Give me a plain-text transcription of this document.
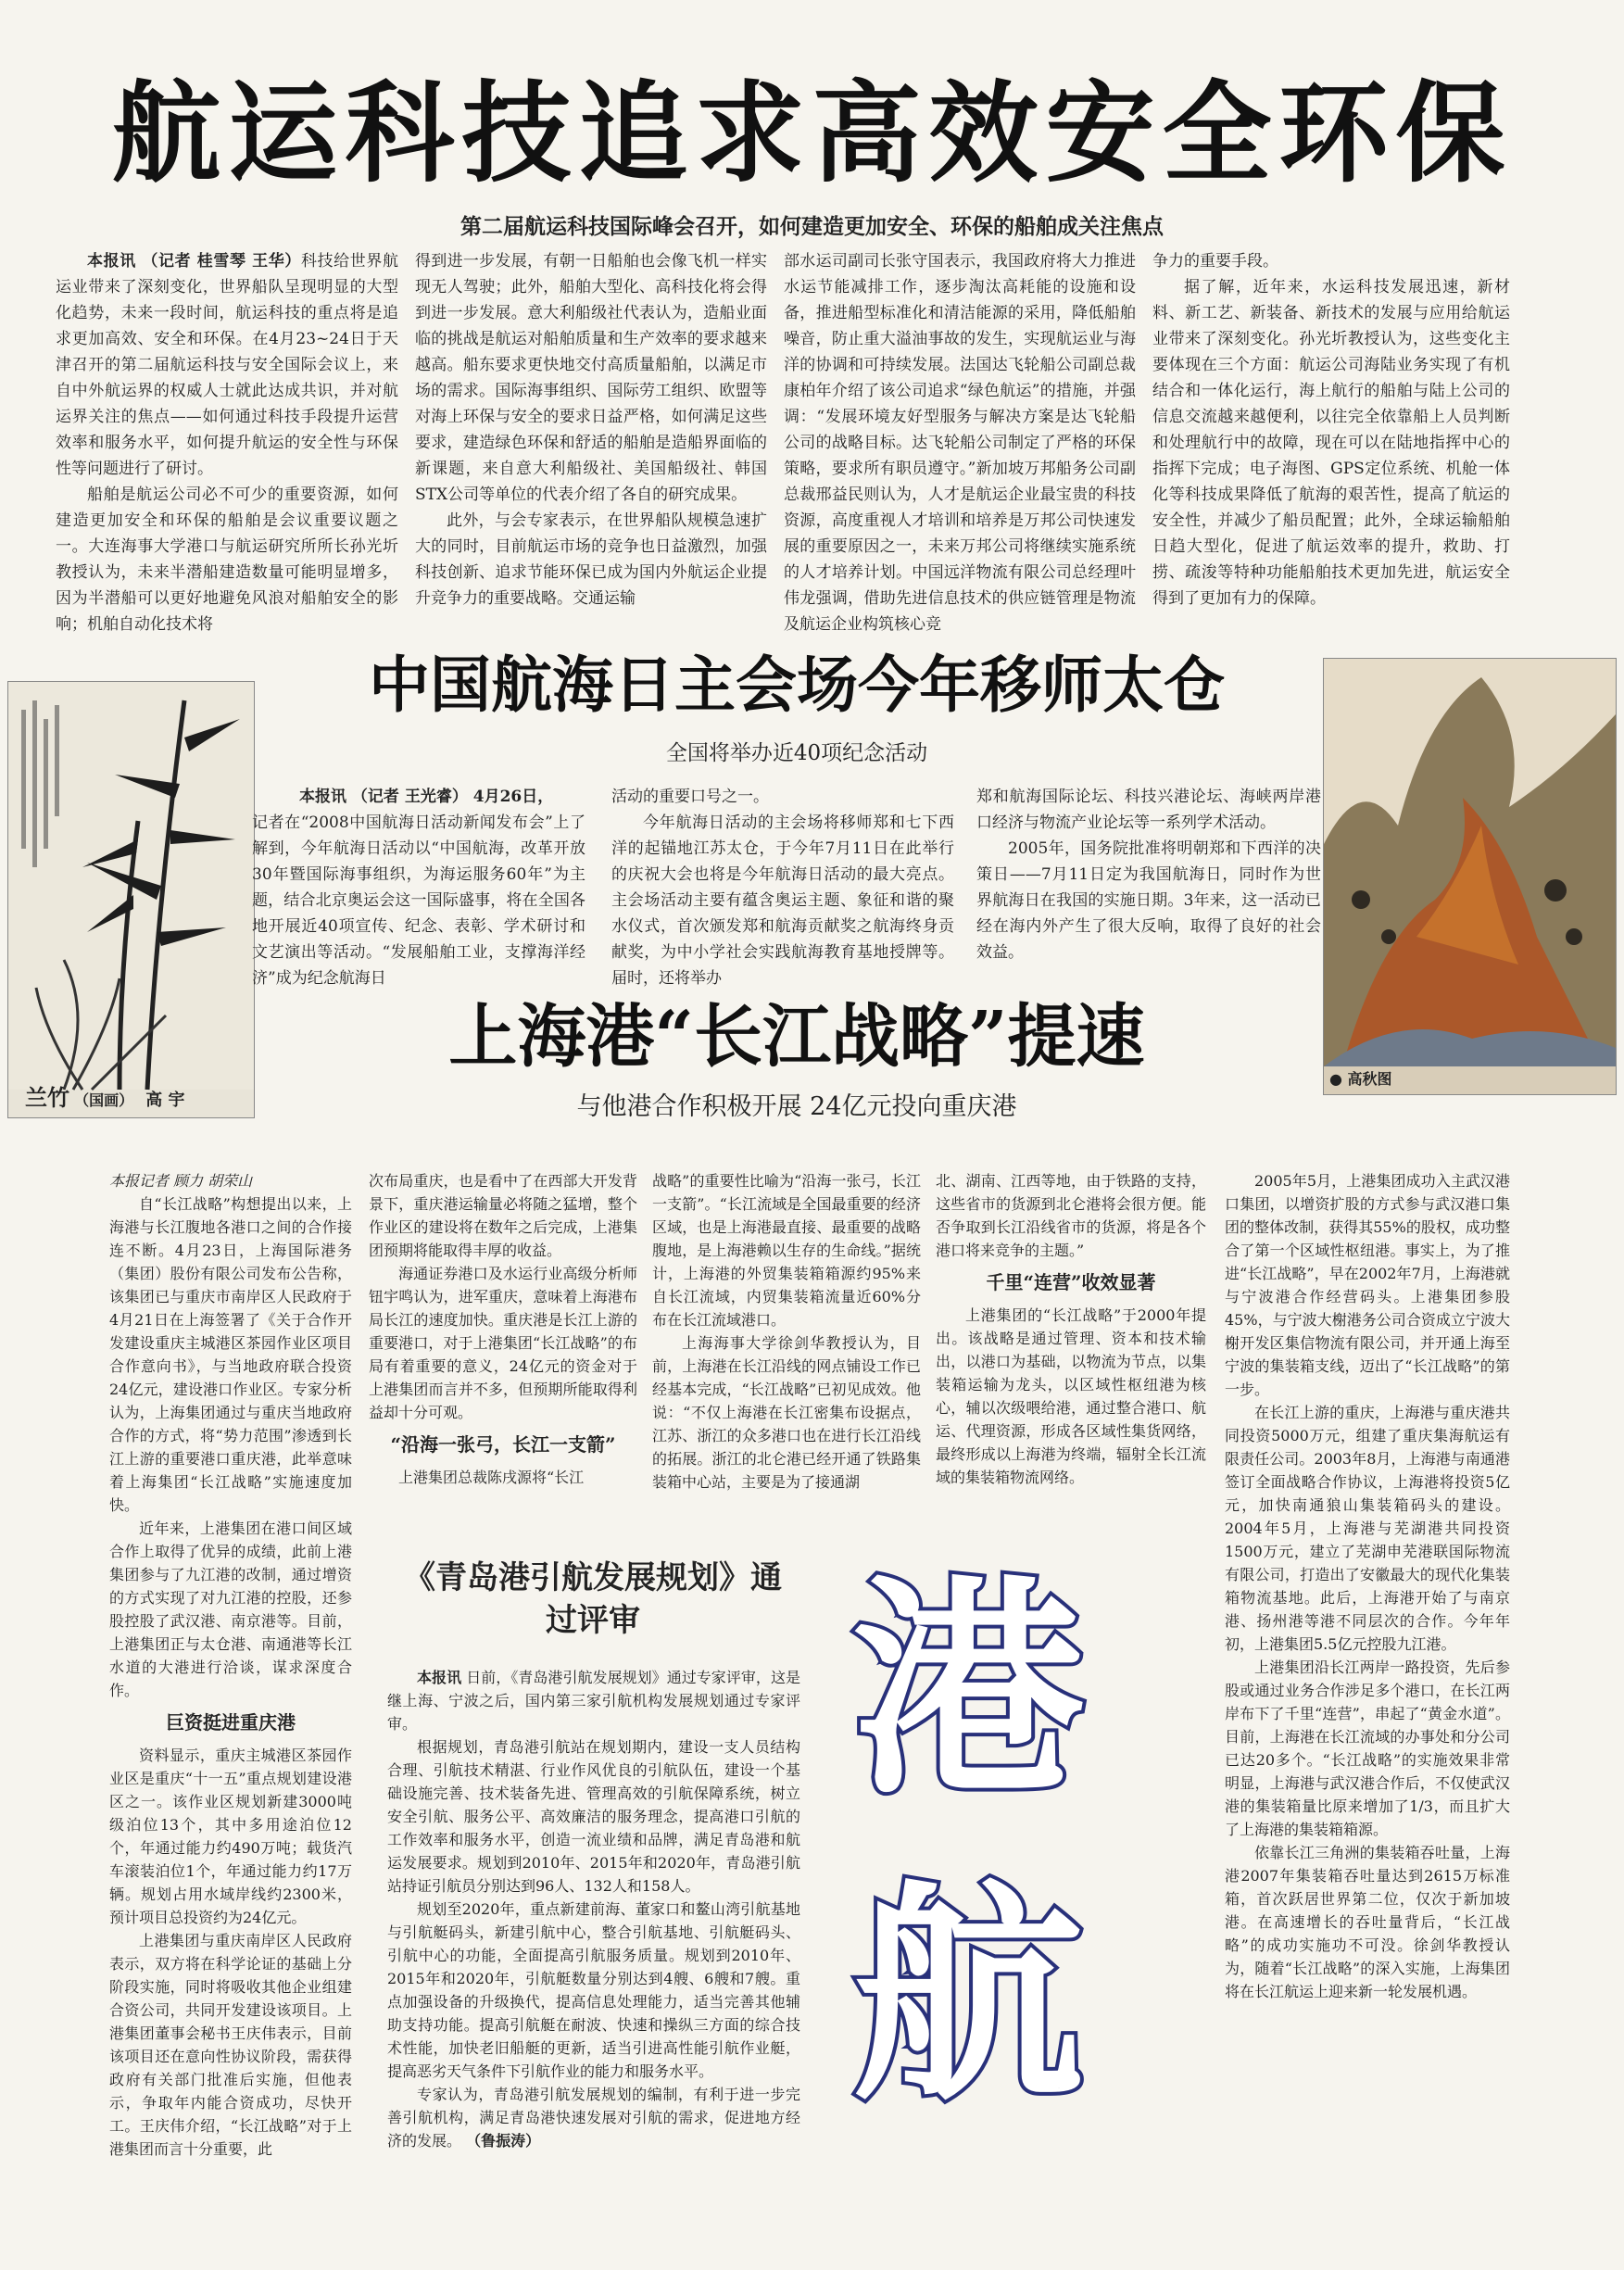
航运科技追求高效安全环保
第二届航运科技国际峰会召开，如何建造更加安全、环保的船舶成关注焦点

本报讯 （记者 桂雪琴 王华）科技给世界航运业带来了深刻变化，世界船队呈现明显的大型化趋势，未来一段时间，航运科技的重点将是追求更加高效、安全和环保。在4月23~24日于天津召开的第二届航运科技与安全国际会议上，来自中外航运界的权威人士就此达成共识，并对航运界关注的焦点——如何通过科技手段提升运营效率和服务水平，如何提升航运的安全性与环保性等问题进行了研讨。

船舶是航运公司必不可少的重要资源，如何建造更加安全和环保的船舶是会议重要议题之一。大连海事大学港口与航运研究所所长孙光圻教授认为，未来半潜船建造数量可能明显增多，因为半潜船可以更好地避免风浪对船舶安全的影响；机舶自动化技术将

得到进一步发展，有朝一日船舶也会像飞机一样实现无人驾驶；此外，船舶大型化、高科技化将会得到进一步发展。意大利船级社代表认为，造船业面临的挑战是航运对船舶质量和生产效率的要求越来越高。船东要求更快地交付高质量船舶，以满足市场的需求。国际海事组织、国际劳工组织、欧盟等对海上环保与安全的要求日益严格，如何满足这些要求，建造绿色环保和舒适的船舶是造船界面临的新课题，来自意大利船级社、美国船级社、韩国STX公司等单位的代表介绍了各自的研究成果。

此外，与会专家表示，在世界船队规模急速扩大的同时，目前航运市场的竞争也日益激烈，加强科技创新、追求节能环保已成为国内外航运企业提升竞争力的重要战略。交通运输

部水运司副司长张守国表示，我国政府将大力推进水运节能减排工作，逐步淘汰高耗能的设施和设备，推进船型标准化和清洁能源的采用，降低船舶噪音，防止重大溢油事故的发生，实现航运业与海洋的协调和可持续发展。法国达飞轮船公司副总裁康柏年介绍了该公司追求“绿色航运”的措施，并强调：“发展环境友好型服务与解决方案是达飞轮船公司的战略目标。达飞轮船公司制定了严格的环保策略，要求所有职员遵守。”新加坡万邦船务公司副总裁邢益民则认为，人才是航运企业最宝贵的科技资源，高度重视人才培训和培养是万邦公司快速发展的重要原因之一，未来万邦公司将继续实施系统的人才培养计划。中国远洋物流有限公司总经理叶伟龙强调，借助先进信息技术的供应链管理是物流及航运企业构筑核心竞

争力的重要手段。

据了解，近年来，水运科技发展迅速，新材料、新工艺、新装备、新技术的发展与应用给航运业带来了深刻变化。孙光圻教授认为，这些变化主要体现在三个方面：航运公司海陆业务实现了有机结合和一体化运行，海上航行的船舶与陆上公司的信息交流越来越便利，以往完全依靠船上人员判断和处理航行中的故障，现在可以在陆地指挥中心的指挥下完成；电子海图、GPS定位系统、机舱一体化等科技成果降低了航海的艰苦性，提高了航运的安全性，并减少了船员配置；此外，全球运输船舶日趋大型化，促进了航运效率的提升，救助、打捞、疏浚等特种功能船舶技术更加先进，航运安全得到了更加有力的保障。

兰竹 （国画） 高 宇
中国航海日主会场今年移师太仓
全国将举办近40项纪念活动

本报讯 （记者 王光睿） 4月26日，

记者在“2008中国航海日活动新闻发布会”上了解到，今年航海日活动以“中国航海，改革开放30年暨国际海事组织，为海运服务60年”为主题，结合北京奥运会这一国际盛事，将在全国各地开展近40项宣传、纪念、表彰、学术研讨和文艺演出等活动。“发展船舶工业，支撑海洋经济”成为纪念航海日

活动的重要口号之一。

今年航海日活动的主会场将移师郑和七下西洋的起锚地江苏太仓，于今年7月11日在此举行的庆祝大会也将是今年航海日活动的最大亮点。主会场活动主要有蕴含奥运主题、象征和谐的聚水仪式，首次颁发郑和航海贡献奖之航海终身贡献奖，为中小学社会实践航海教育基地授牌等。届时，还将举办

郑和航海国际论坛、科技兴港论坛、海峡两岸港口经济与物流产业论坛等一系列学术活动。

2005年，国务院批准将明朝郑和下西洋的决策日——7月11日定为我国航海日，同时作为世界航海日在我国的实施日期。3年来，这一活动已经在海内外产生了很大反响，取得了良好的社会效益。

● 高秋图
上海港“长江战略”提速
与他港合作积极开展 24亿元投向重庆港

本报记者 顾力 胡荣山

自“长江战略”构想提出以来，上海港与长江腹地各港口之间的合作接连不断。4月23日，上海国际港务（集团）股份有限公司发布公告称，该集团已与重庆市南岸区人民政府于4月21日在上海签署了《关于合作开发建设重庆主城港区茶园作业区项目合作意向书》，与当地政府联合投资24亿元，建设港口作业区。专家分析认为，上海集团通过与重庆当地政府合作的方式，将“势力范围”渗透到长江上游的重要港口重庆港，此举意味着上海集团“长江战略”实施速度加快。

近年来，上港集团在港口间区域合作上取得了优异的成绩，此前上港集团参与了九江港的改制，通过增资的方式实现了对九江港的控股，还参股控股了武汉港、南京港等。目前，上港集团正与太仓港、南通港等长江水道的大港进行洽谈，谋求深度合作。

巨资挺进重庆港

资料显示，重庆主城港区茶园作业区是重庆“十一五”重点规划建设港区之一。该作业区规划新建3000吨级泊位13个，其中多用途泊位12个，年通过能力约490万吨；载货汽车滚装泊位1个，年通过能力约17万辆。规划占用水域岸线约2300米，预计项目总投资约为24亿元。

上港集团与重庆南岸区人民政府表示，双方将在科学论证的基础上分阶段实施，同时将吸收其他企业组建合资公司，共同开发建设该项目。上港集团董事会秘书王庆伟表示，目前该项目还在意向性协议阶段，需获得政府有关部门批准后实施，但他表示，争取年内能合资成功，尽快开工。王庆伟介绍，“长江战略”对于上港集团而言十分重要，此

次布局重庆，也是看中了在西部大开发背景下，重庆港运输量必将随之猛增，整个作业区的建设将在数年之后完成，上港集团预期将能取得丰厚的收益。

海通证券港口及水运行业高级分析师钮宇鸣认为，进军重庆，意味着上海港布局长江的速度加快。重庆港是长江上游的重要港口，对于上港集团“长江战略”的布局有着重要的意义，24亿元的资金对于上港集团而言并不多，但预期所能取得利益却十分可观。

“沿海一张弓，长江一支箭”

上港集团总裁陈戌源将“长江

战略”的重要性比喻为“沿海一张弓，长江一支箭”。“长江流域是全国最重要的经济区域，也是上海港最直接、最重要的战略腹地，是上海港赖以生存的生命线。”据统计，上海港的外贸集装箱箱源约95%来自长江流域，内贸集装箱流量近60%分布在长江流域港口。

上海海事大学徐剑华教授认为，目前，上海港在长江沿线的网点铺设工作已经基本完成，“长江战略”已初见成效。他说：“不仅上海港在长江密集布设据点，江苏、浙江的众多港口也在进行长江沿线的拓展。浙江的北仑港已经开通了铁路集装箱中心站，主要是为了接通湖

北、湖南、江西等地，由于铁路的支持，这些省市的货源到北仑港将会很方便。能否争取到长江沿线省市的货源，将是各个港口将来竞争的主题。”

千里“连营”收效显著

上港集团的“长江战略”于2000年提出。该战略是通过管理、资本和技术输出，以港口为基础，以物流为节点，以集装箱运输为龙头，以区域性枢纽港为核心，辅以次级喂给港，通过整合港口、航运、代理资源，形成各区域性集货网络，最终形成以上海港为终端，辐射全长江流域的集装箱物流网络。

2005年5月，上港集团成功入主武汉港口集团，以增资扩股的方式参与武汉港口集团的整体改制，获得其55%的股权，成功整合了第一个区域性枢纽港。事实上，为了推进“长江战略”，早在2002年7月，上海港就与宁波港合作经营码头。上港集团参股45%，与宁波大榭港务公司合资成立宁波大榭开发区集信物流有限公司，并开通上海至宁波的集装箱支线，迈出了“长江战略”的第一步。

在长江上游的重庆，上海港与重庆港共同投资5000万元，组建了重庆集海航运有限责任公司。2003年8月，上海港与南通港签订全面战略合作协议，上海港将投资5亿元，加快南通狼山集装箱码头的建设。2004年5月，上海港与芜湖港共同投资1500万元，建立了芜湖申芜港联国际物流有限公司，打造出了安徽最大的现代化集装箱物流基地。此后，上海港开始了与南京港、扬州港等港不同层次的合作。今年年初，上港集团5.5亿元控股九江港。

上港集团沿长江两岸一路投资，先后参股或通过业务合作涉足多个港口，在长江两岸布下了千里“连营”，串起了“黄金水道”。目前，上海港在长江流域的办事处和分公司已达20多个。“长江战略”的实施效果非常明显，上海港与武汉港合作后，不仅使武汉港的集装箱量比原来增加了1/3，而且扩大了上海港的集装箱箱源。

依靠长江三角洲的集装箱吞吐量，上海港2007年集装箱吞吐量达到2615万标准箱，首次跃居世界第二位，仅次于新加坡港。在高速增长的吞吐量背后，“长江战略”的成功实施功不可没。徐剑华教授认为，随着“长江战略”的深入实施，上海集团将在长江航运上迎来新一轮发展机遇。

《青岛港引航发展规划》通过评审

本报讯 日前，《青岛港引航发展规划》通过专家评审，这是继上海、宁波之后，国内第三家引航机构发展规划通过专家评审。

根据规划，青岛港引航站在规划期内，建设一支人员结构合理、引航技术精湛、行业作风优良的引航队伍，建设一个基础设施完善、技术装备先进、管理高效的引航保障系统，树立安全引航、服务公平、高效廉洁的服务理念，提高港口引航的工作效率和服务水平，创造一流业绩和品牌，满足青岛港和航运发展要求。规划到2010年、2015年和2020年，青岛港引航站持证引航员分别达到96人、132人和158人。

规划至2020年，重点新建前海、董家口和鳌山湾引航基地与引航艇码头，新建引航中心，整合引航基地、引航艇码头、引航中心的功能，全面提高引航服务质量。规划到2010年、2015年和2020年，引航艇数量分别达到4艘、6艘和7艘。重点加强设备的升级换代，提高信息处理能力，适当完善其他辅助支持功能。提高引航艇在耐波、快速和操纵三方面的综合技术性能，加快老旧船艇的更新，适当引进高性能引航作业艇，提高恶劣天气条件下引航作业的能力和服务水平。

专家认为，青岛港引航发展规划的编制，有利于进一步完善引航机构，满足青岛港快速发展对引航的需求，促进地方经济的发展。 （鲁振涛）

港
航
